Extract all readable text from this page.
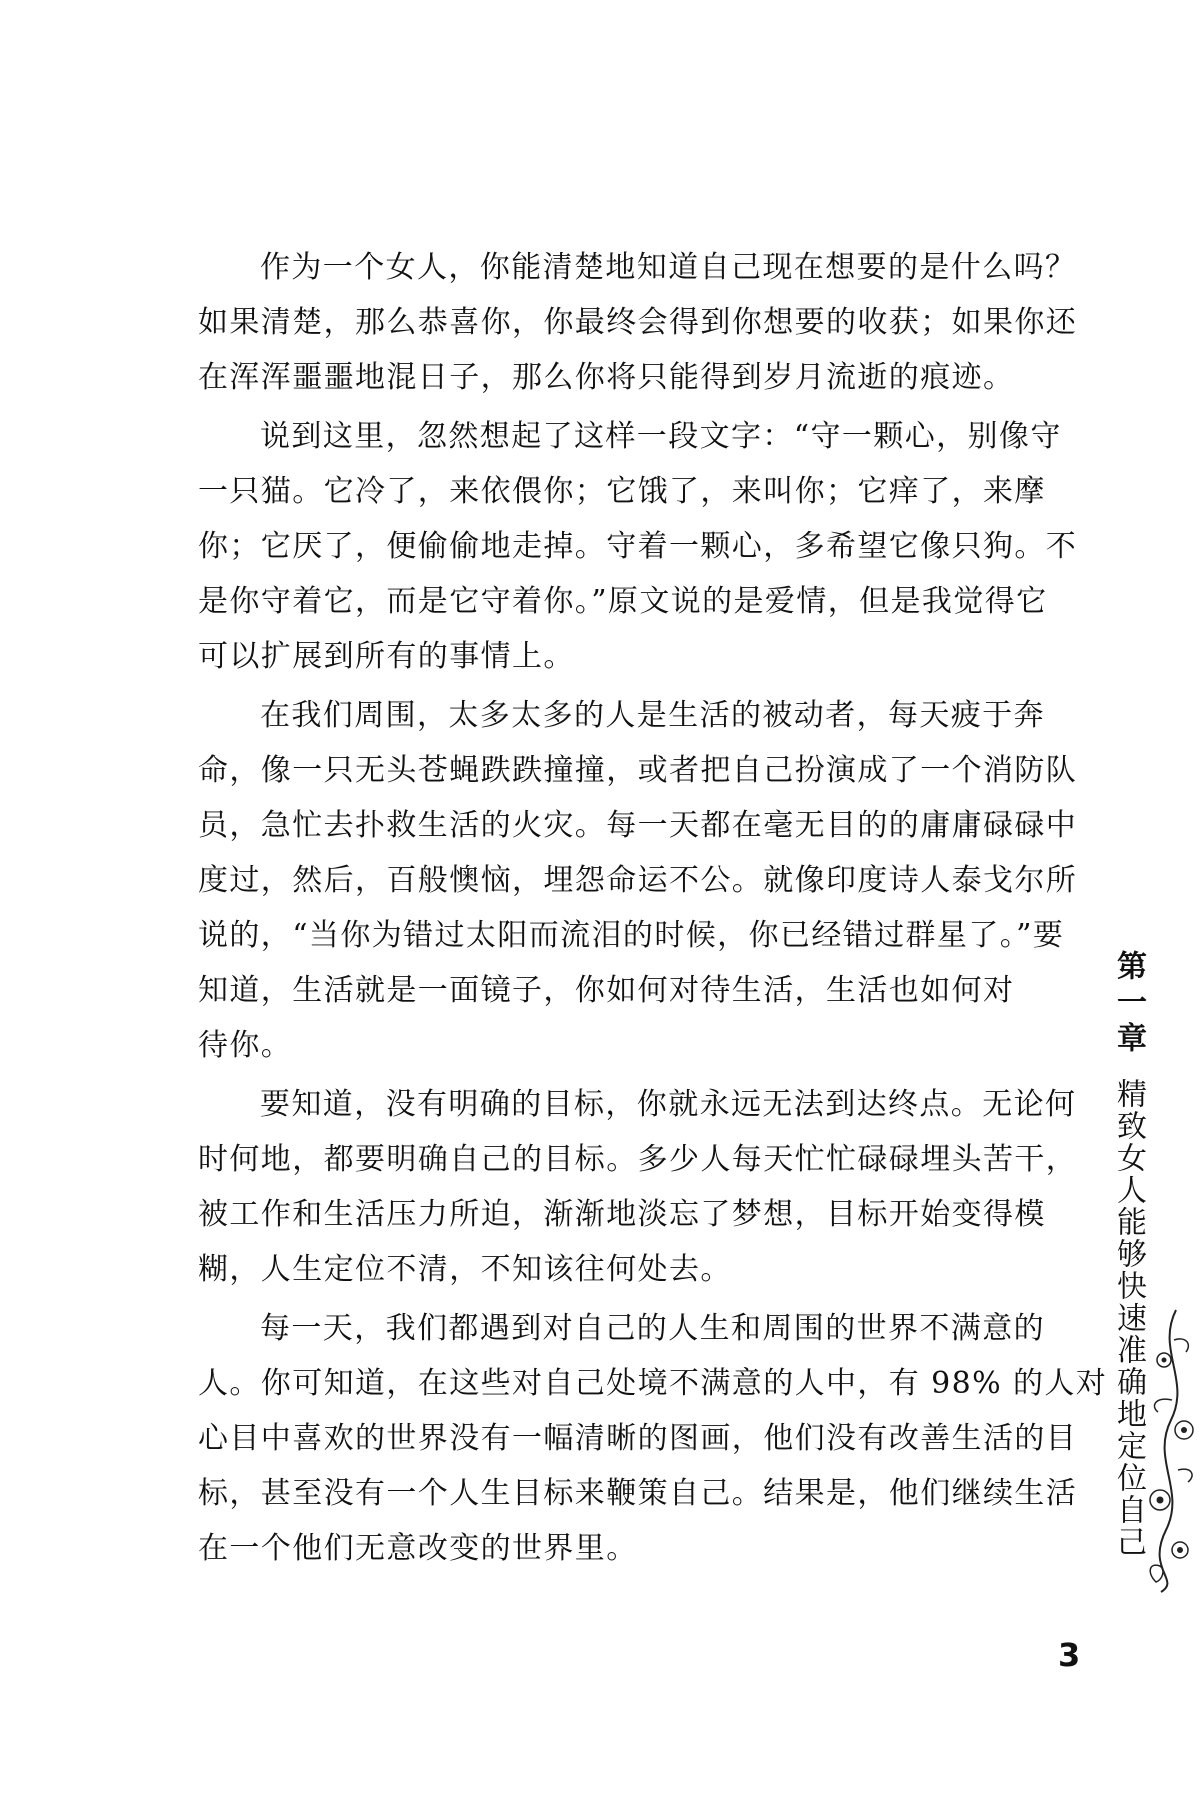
作为一个女人，你能清楚地知道自己现在想要的是什么吗？
如果清楚，那么恭喜你，你最终会得到你想要的收获；如果你还
在浑浑噩噩地混日子，那么你将只能得到岁月流逝的痕迹。

说到这里，忽然想起了这样一段文字：“守一颗心，别像守
一只猫。它冷了，来依偎你；它饿了，来叫你；它痒了，来摩
你；它厌了，便偷偷地走掉。守着一颗心，多希望它像只狗。不
是你守着它，而是它守着你。”原文说的是爱情，但是我觉得它
可以扩展到所有的事情上。

在我们周围，太多太多的人是生活的被动者，每天疲于奔
命，像一只无头苍蝇跌跌撞撞，或者把自己扮演成了一个消防队
员，急忙去扑救生活的火灾。每一天都在毫无目的的庸庸碌碌中
度过，然后，百般懊恼，埋怨命运不公。就像印度诗人泰戈尔所
说的，“当你为错过太阳而流泪的时候，你已经错过群星了。”要
知道，生活就是一面镜子，你如何对待生活，生活也如何对
待你。

要知道，没有明确的目标，你就永远无法到达终点。无论何
时何地，都要明确自己的目标。多少人每天忙忙碌碌埋头苦干，
被工作和生活压力所迫，渐渐地淡忘了梦想，目标开始变得模
糊，人生定位不清，不知该往何处去。

每一天，我们都遇到对自己的人生和周围的世界不满意的
人。你可知道，在这些对自己处境不满意的人中，有 98% 的人对
心目中喜欢的世界没有一幅清晰的图画，他们没有改善生活的目
标，甚至没有一个人生目标来鞭策自己。结果是，他们继续生活
在一个他们无意改变的世界里。

第一章
精致女人能够快速准确地定位自己
3
